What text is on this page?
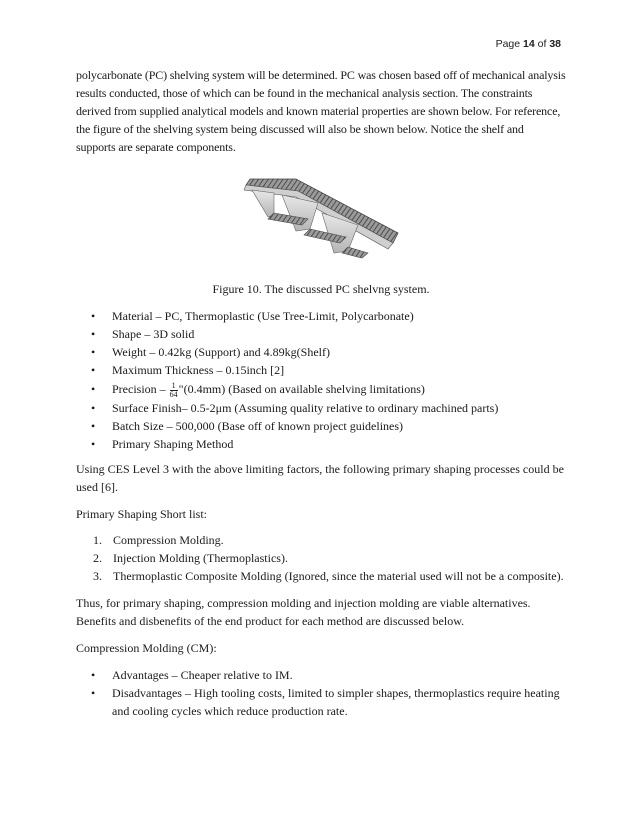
Page 14 of 38

polycarbonate (PC) shelving system will be determined. PC was chosen based off of mechanical analysis results conducted, those of which can be found in the mechanical analysis section. The constraints derived from supplied analytical models and known material properties are shown below. For reference, the figure of the shelving system being discussed will also be shown below. Notice the shelf and supports are separate components.

Figure 10. The discussed PC shelvng system.

• Material – PC, Thermoplastic (Use Tree-Limit, Polycarbonate)
• Shape – 3D solid
• Weight – 0.42kg (Support) and 4.89kg(Shelf)
• Maximum Thickness – 0.15inch [2]
• Precision – $\frac{1}{64}$ "(0.4mm) (Based on available shelving limitations)
• Surface Finish– 0.5-2μm (Assuming quality relative to ordinary machined parts)
• Batch Size – 500,000 (Base off of known project guidelines)
• Primary Shaping Method

Using CES Level 3 with the above limiting factors, the following primary shaping processes could be used [6].

Primary Shaping Short list:

1. Compression Molding.
2. Injection Molding (Thermoplastics).
3. Thermoplastic Composite Molding (Ignored, since the material used will not be a composite).

Thus, for primary shaping, compression molding and injection molding are viable alternatives. Benefits and disbenefits of the end product for each method are discussed below.

Compression Molding (CM):

• Advantages – Cheaper relative to IM.
• Disadvantages – High tooling costs, limited to simpler shapes, thermoplastics require heating and cooling cycles which reduce production rate.
